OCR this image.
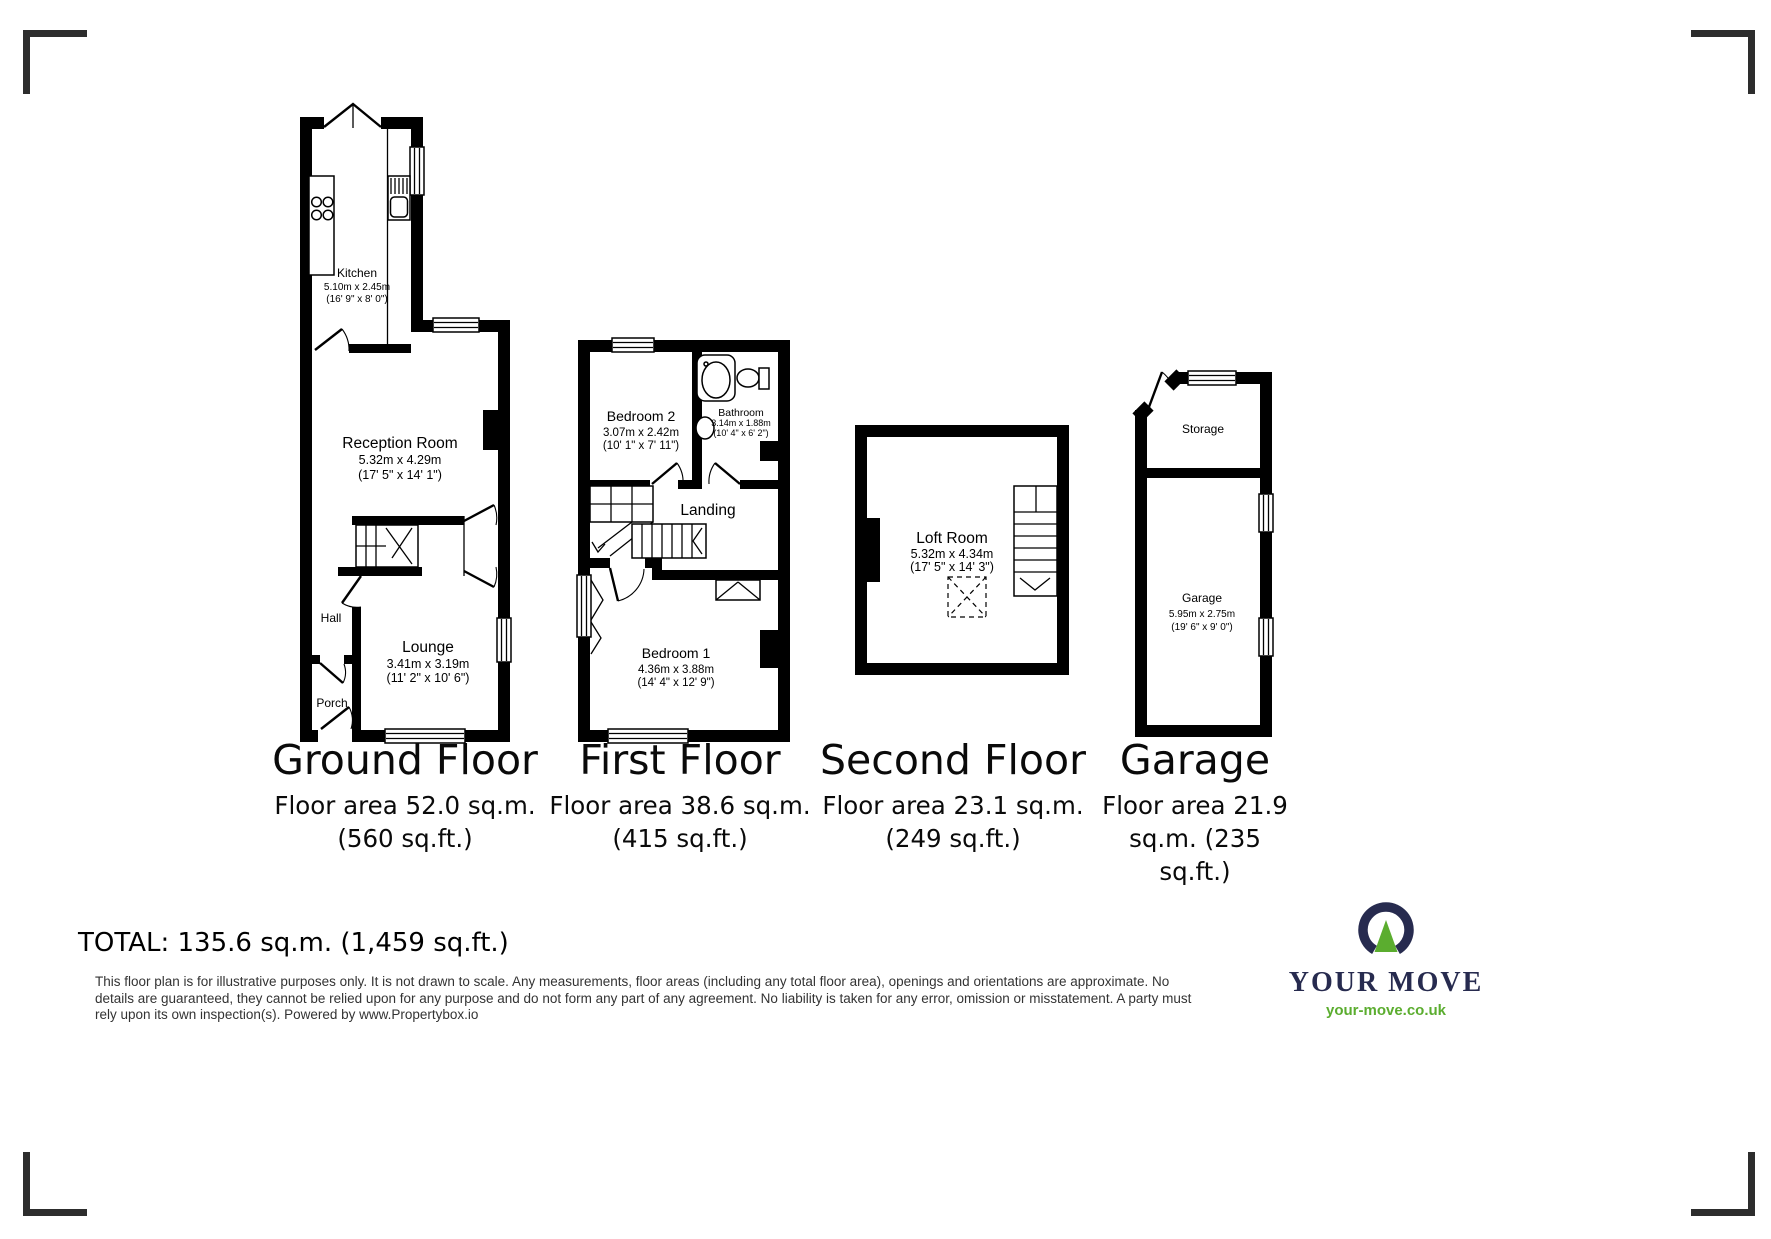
Kitchen
5.10m x 2.45m
(16' 9" x 8' 0")
Reception Room
5.32m x 4.29m
(17' 5" x 14' 1")
Hall
Lounge
3.41m x 3.19m
(11' 2" x 10' 6")
Porch
Bedroom 2
3.07m x 2.42m
(10' 1" x 7' 11")
Bathroom
3.14m x 1.88m
(10' 4" x 6' 2")
Landing
Bedroom 1
4.36m x 3.88m
(14' 4" x 12' 9")
Loft Room
5.32m x 4.34m
(17' 5" x 14' 3")
Storage
Garage
5.95m x 2.75m
(19' 6" x 9' 0")
Ground Floor
Floor area 52.0 sq.m.
(560 sq.ft.)
First Floor
Floor area 38.6 sq.m.
(415 sq.ft.)
Second Floor
Floor area 23.1 sq.m.
(249 sq.ft.)
Garage
Floor area 21.9
sq.m. (235
sq.ft.)
TOTAL: 135.6 sq.m. (1,459 sq.ft.)
This floor plan is for illustrative purposes only. It is not drawn to scale. Any measurements, floor areas (including any total floor area), openings and orientations are approximate. No
details are guaranteed, they cannot be relied upon for any purpose and do not form any part of any agreement. No liability is taken for any error, omission or misstatement. A party must
rely upon its own inspection(s). Powered by www.Propertybox.io
YOUR MOVE
your-move.co.uk
